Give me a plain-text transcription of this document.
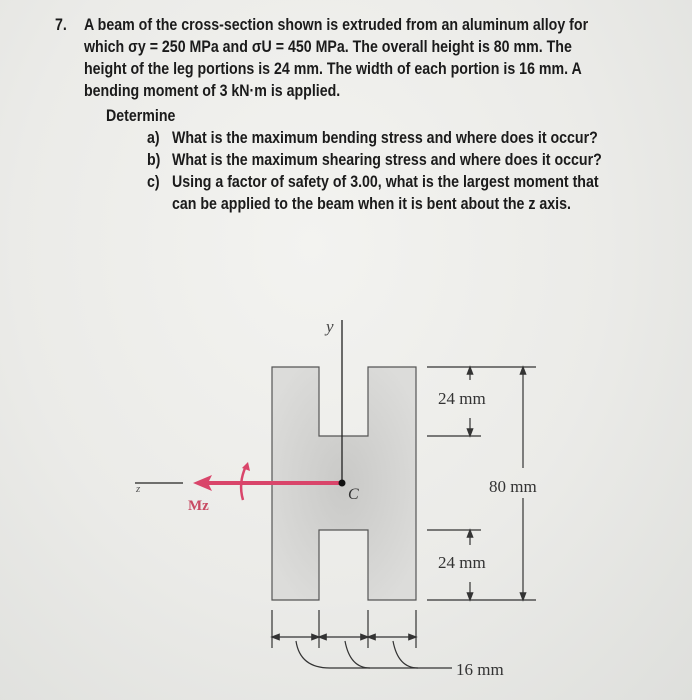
7. A beam of the cross-section shown is extruded from an aluminum alloy for
which σy = 250 MPa and σU = 450 MPa. The overall height is 80 mm. The
height of the leg portions is 24 mm. The width of each portion is 16 mm. A
bending moment of 3 kN·m is applied.
Determine
a) What is the maximum bending stress and where does it occur?
b) What is the maximum shearing stress and where does it occur?
c) Using a factor of safety of 3.00, what is the largest moment that
can be applied to the beam when it is bent about the z axis.
y
z
Mz
C
24 mm
80 mm
24 mm
16 mm
